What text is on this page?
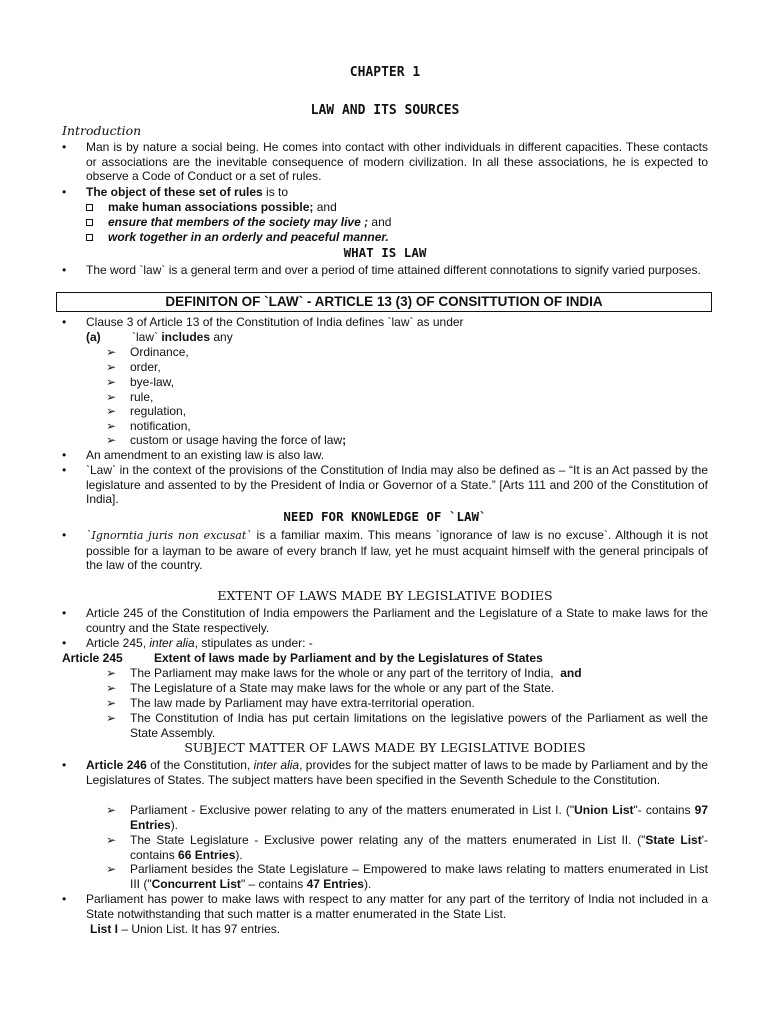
CHAPTER 1
LAW AND ITS SOURCES
Introduction
• Man is by nature a social being. He comes into contact with other individuals in different capacities. These contacts or associations are the inevitable consequence of modern civilization. In all these associations, he is expected to observe a Code of Conduct or a set of rules.
• The object of these set of rules is to
make human associations possible; and
ensure that members of the society may live ; and
work together in an orderly and peaceful manner.
WHAT IS LAW
• The word `law` is a general term and over a period of time attained different connotations to signify varied purposes.
DEFINITON OF `LAW` - ARTICLE 13 (3) OF CONSITTUTION OF INDIA
• Clause 3 of Article 13 of the Constitution of India defines `law` as under
(a)	`law` includes any
➢ Ordinance,
➢ order,
➢ bye-law,
➢ rule,
➢ regulation,
➢ notification,
➢ custom or usage having the force of law;
• An amendment to an existing law is also law.
• `Law` in the context of the provisions of the Constitution of India may also be defined as – “It is an Act passed by the legislature and assented to by the President of India or Governor of a State.” [Arts 111 and 200 of the Constitution of India].
NEED FOR KNOWLEDGE OF `LAW`
• `Ignorntia juris non excusat` is a familiar maxim. This means `ignorance of law is no excuse`. Although it is not possible for a layman to be aware of every branch lf law, yet he must acquaint himself with the general principals of the law of the country.
EXTENT OF LAWS MADE BY LEGISLATIVE BODIES
• Article 245 of the Constitution of India empowers the Parliament and the Legislature of a State to make laws for the country and the State respectively.
• Article 245, inter alia, stipulates as under: -
Article 245	Extent of laws made by Parliament and by the Legislatures of States
➢ The Parliament may make laws for the whole or any part of the territory of India, and
➢ The Legislature of a State may make laws for the whole or any part of the State.
➢ The law made by Parliament may have extra-territorial operation.
➢ The Constitution of India has put certain limitations on the legislative powers of the Parliament as well the State Assembly.
SUBJECT MATTER OF LAWS MADE BY LEGISLATIVE BODIES
• Article 246 of the Constitution, inter alia, provides for the subject matter of laws to be made by Parliament and by the Legislatures of States. The subject matters have been specified in the Seventh Schedule to the Constitution.
➢ Parliament - Exclusive power relating to any of the matters enumerated in List I. ("Union List"- contains 97 Entries).
➢ The State Legislature - Exclusive power relating any of the matters enumerated in List II. ("State List'- contains 66 Entries).
➢ Parliament besides the State Legislature – Empowered to make laws relating to matters enumerated in List III ("Concurrent List" – contains 47 Entries).
• Parliament has power to make laws with respect to any matter for any part of the territory of India not included in a State notwithstanding that such matter is a matter enumerated in the State List.
List I – Union List. It has 97 entries.
